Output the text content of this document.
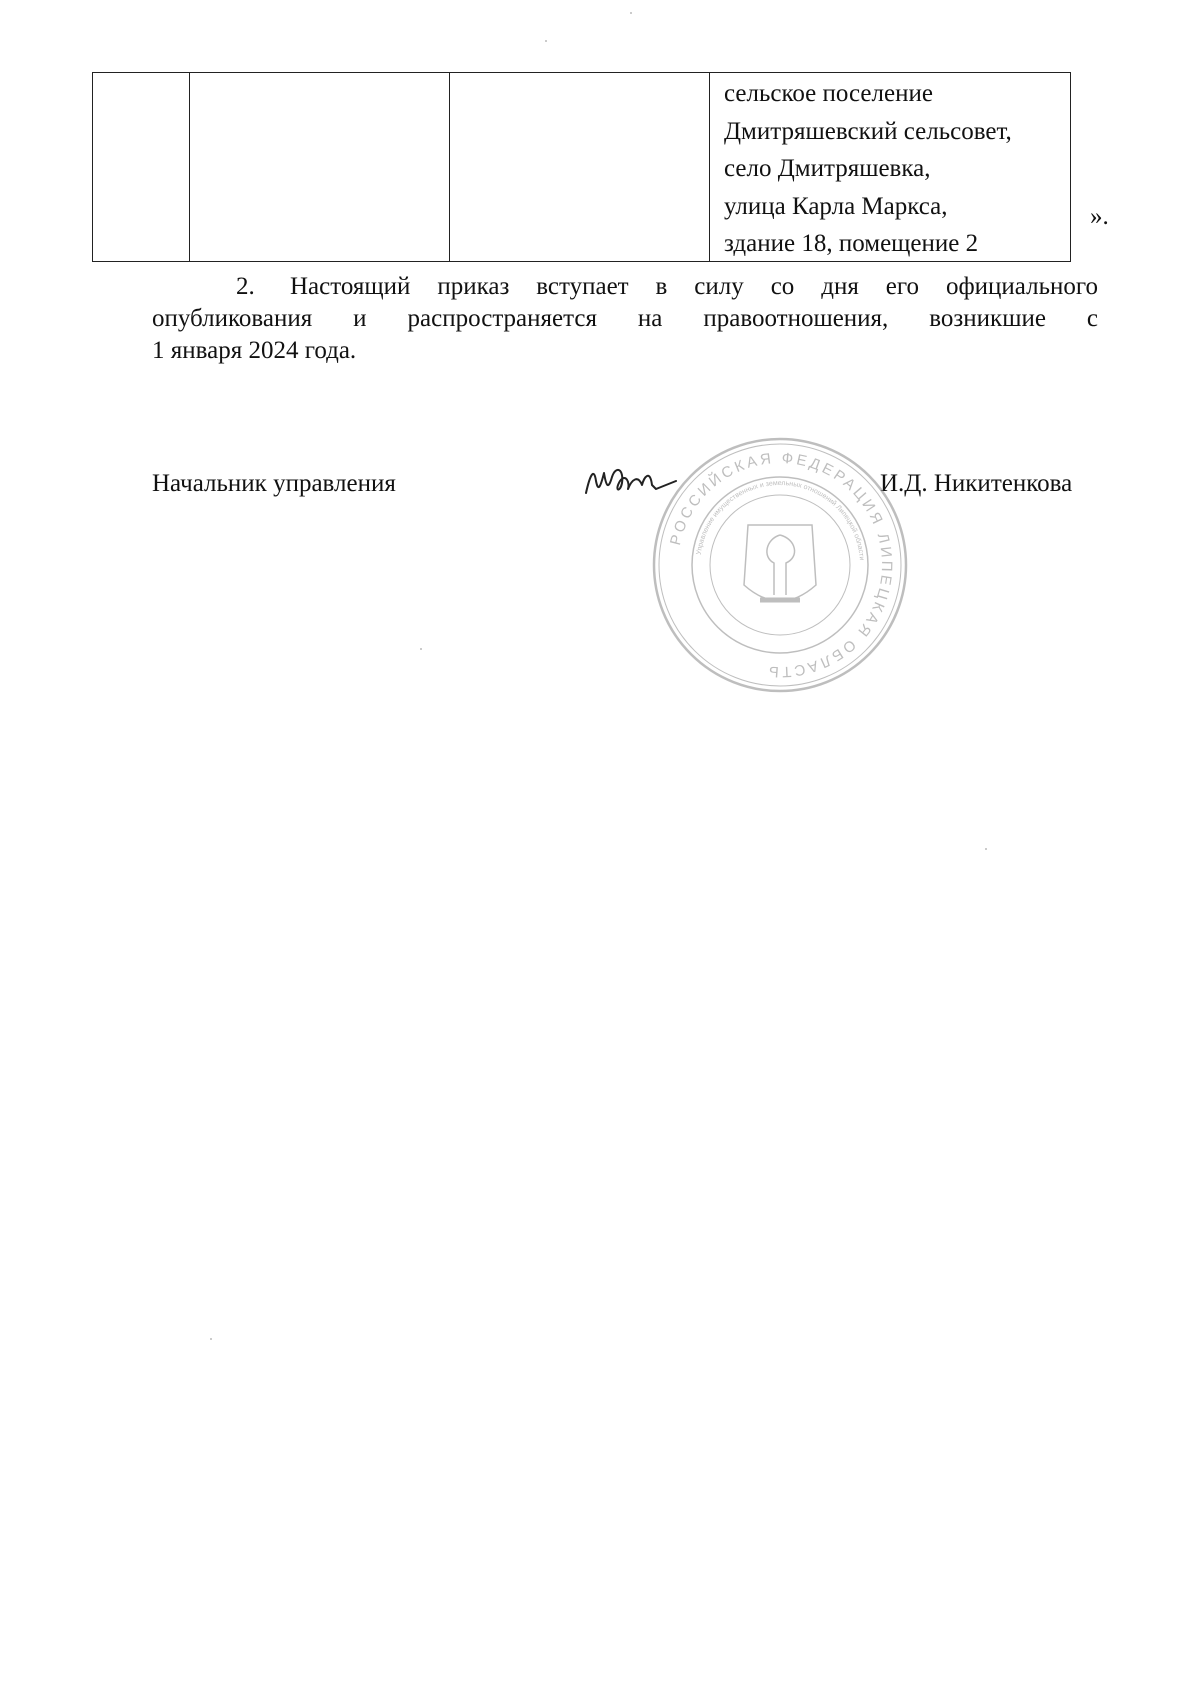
сельское поселение
Дмитряшевский сельсовет,
село Дмитряшевка,
улица Карла Маркса,
здание 18, помещение 2
».
2. Настоящий приказ вступает в силу со дня его официального
опубликования и распространяется на правоотношения, возникшие с
1 января 2024 года.
Начальник управления	И.Д. Никитенкова
РОССИЙСКАЯ ФЕДЕРАЦИЯ ЛИПЕЦКАЯ ОБЛАСТЬ
Управление имущественных и земельных отношений Липецкой области
